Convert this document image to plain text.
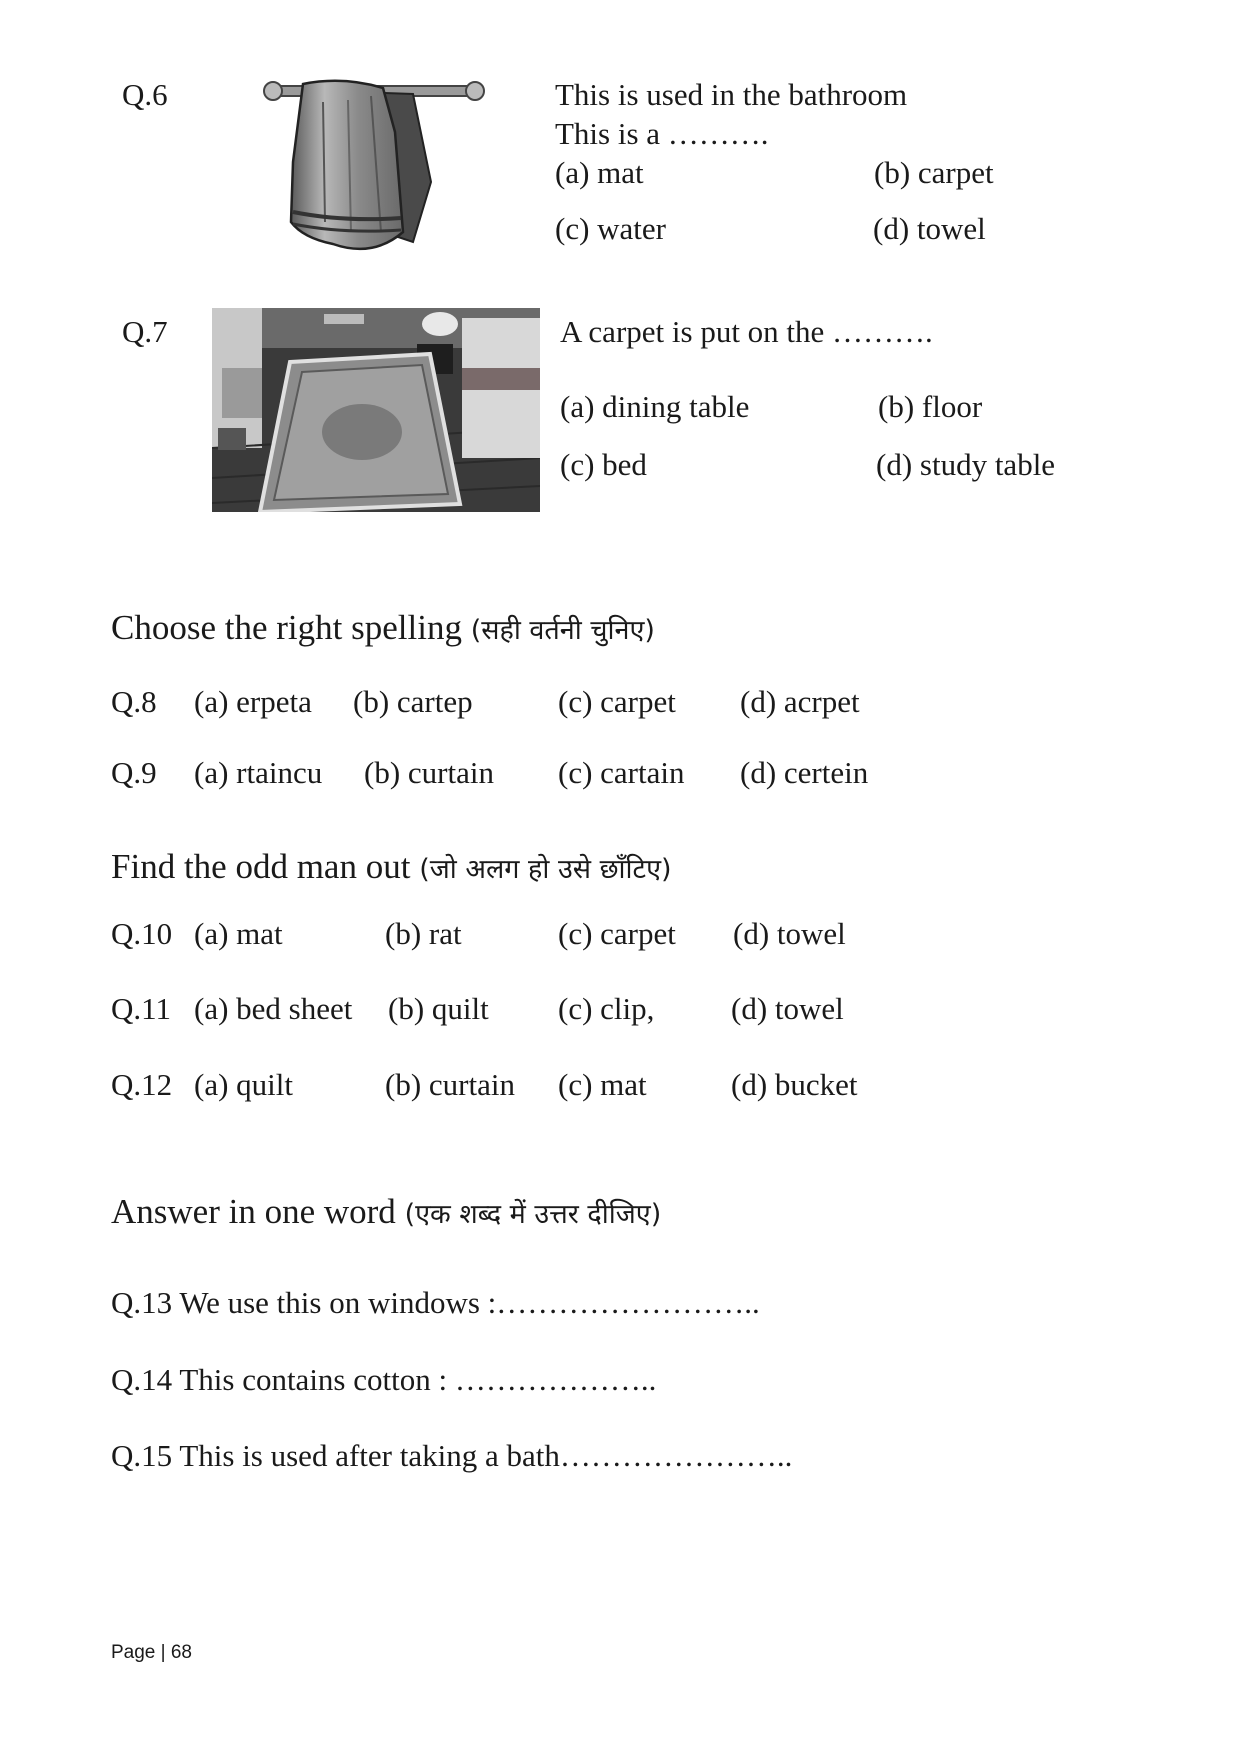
Q.6	This is used in the bathroom
This is a ……….
(a) mat	(b) carpet
(c) water	(d) towel
Q.7	A carpet is put on the ……….
(a) dining table	(b) floor
(c) bed	(d) study table
Choose the right spelling (सही वर्तनी चुनिए)
Q.8 (a) erpeta (b) cartep	(c) carpet (d) acrpet
Q.9 (a) rtaincu (b) curtain (c) cartain (d) certein
Find the odd man out (जो अलग हो उसे छाँटिए)
Q.10 (a) mat	(b) rat	(c) carpet (d) towel
Q.11 (a) bed sheet (b) quilt (c) clip, (d) towel
Q.12 (a) quilt	(b) curtain (c) mat	(d) bucket
Answer in one word (एक शब्द में उत्तर दीजिए)
Q.13 We use this on windows :……………………..
Q.14 This contains cotton : ………………..
Q.15 This is used after taking a bath…………………..
Page | 68
